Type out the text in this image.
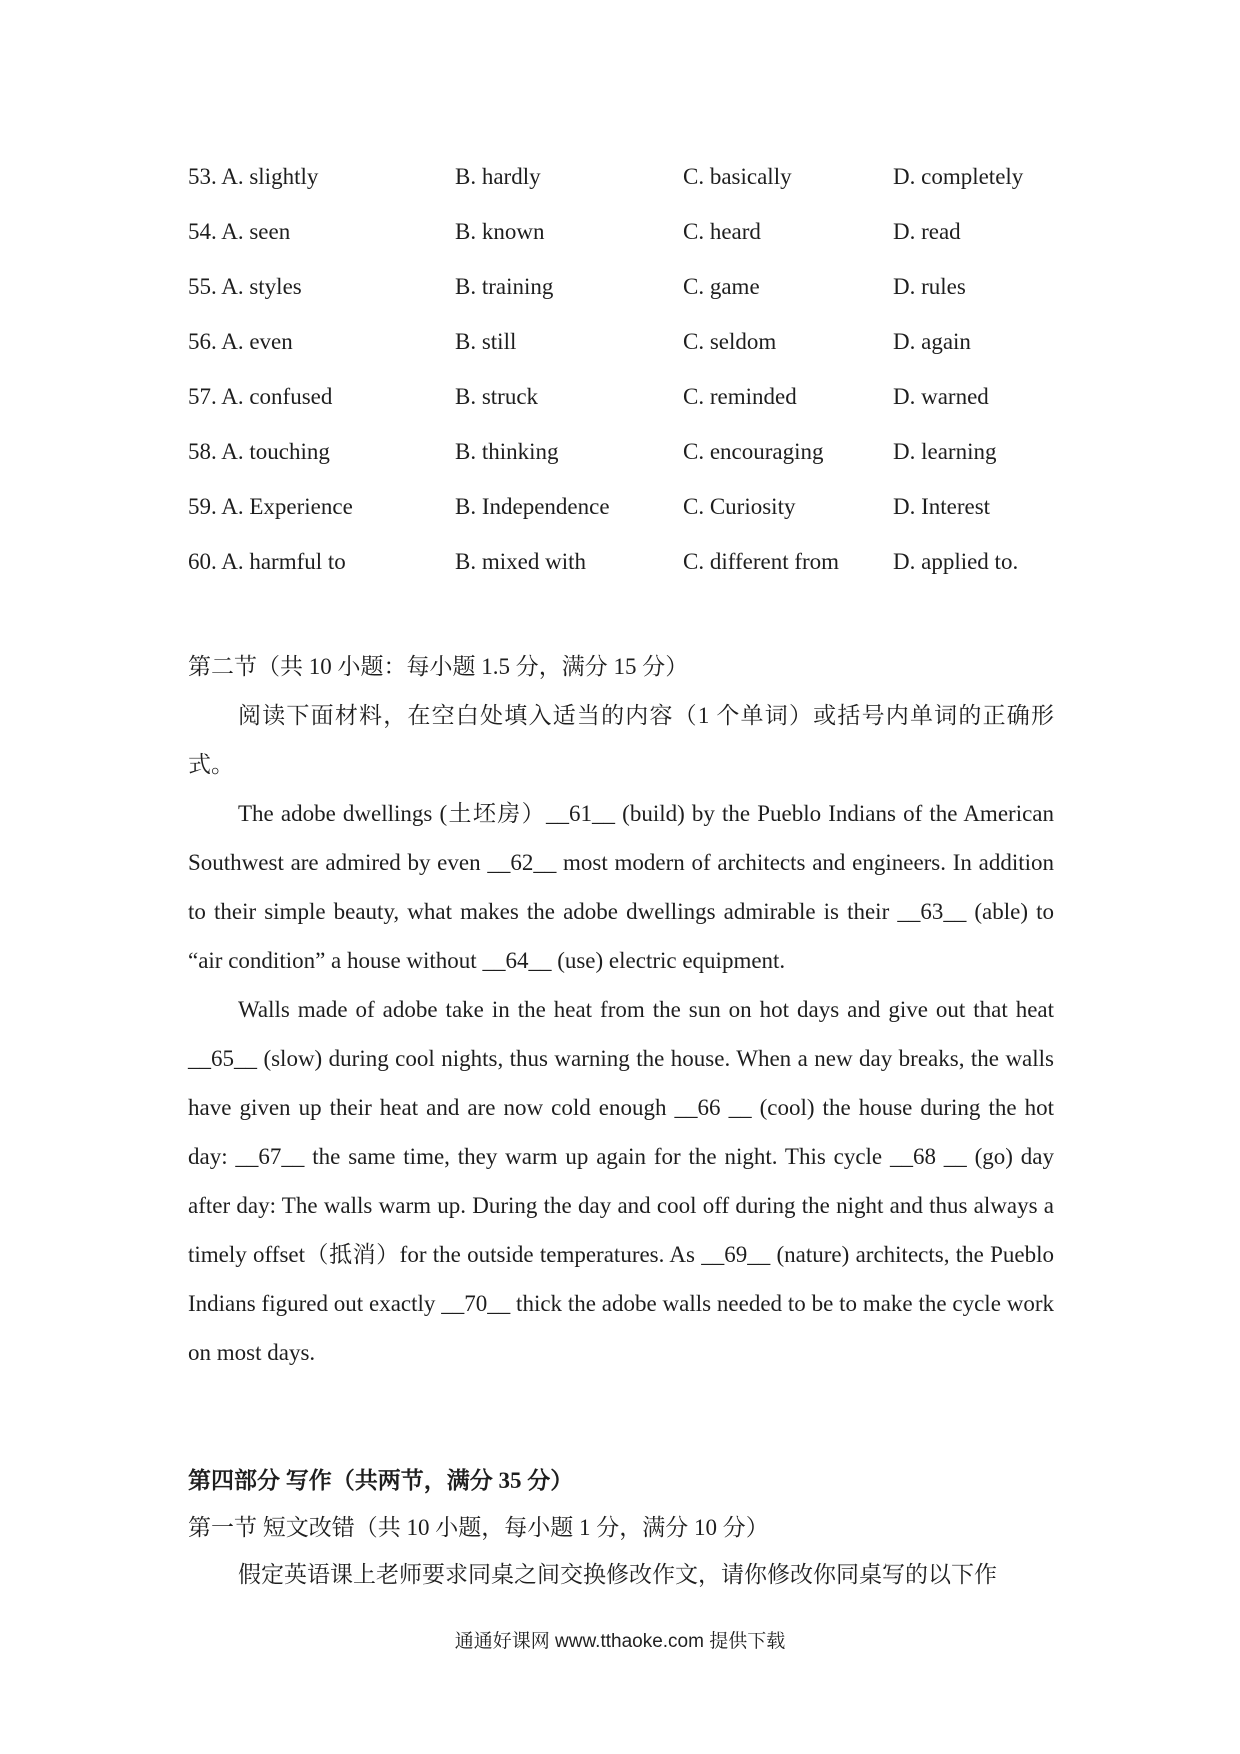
53. A. slightly	B. hardly	C. basically	D. completely
54. A. seen	B. known	C. heard	D. read
55. A. styles	B. training	C. game	D. rules
56. A. even	B. still	C. seldom	D. again
57. A. confused	B. struck	C. reminded	D. warned
58. A. touching	B. thinking	C. encouraging	D. learning
59. A. Experience	B. Independence	C. Curiosity	D. Interest
60. A. harmful to	B. mixed with	C. different from D. applied to.
第二节（共 10 小题：每小题 1.5 分，满分 15 分）
阅读下面材料，在空白处填入适当的内容（1 个单词）或括号内单词的正确形式。

The adobe dwellings (土坯房）__61__ (build) by the Pueblo Indians of the American Southwest are admired by even __62__ most modern of architects and engineers. In addition to their simple beauty, what makes the adobe dwellings admirable is their __63__ (able) to “air condition” a house without __64__ (use) electric equipment.

Walls made of adobe take in the heat from the sun on hot days and give out that heat __65__ (slow) during cool nights, thus warning the house. When a new day breaks, the walls have given up their heat and are now cold enough __66 __ (cool) the house during the hot day: __67__ the same time, they warm up again for the night. This cycle __68 __ (go) day after day: The walls warm up. During the day and cool off during the night and thus always a timely offset（抵消）for the outside temperatures. As __69__ (nature) architects, the Pueblo Indians figured out exactly __70__ thick the adobe walls needed to be to make the cycle work on most days.

第四部分 写作（共两节，满分 35 分）
第一节 短文改错（共 10 小题，每小题 1 分，满分 10 分）
假定英语课上老师要求同桌之间交换修改作文，请你修改你同桌写的以下作
通通好课网 www.tthaoke.com 提供下载
